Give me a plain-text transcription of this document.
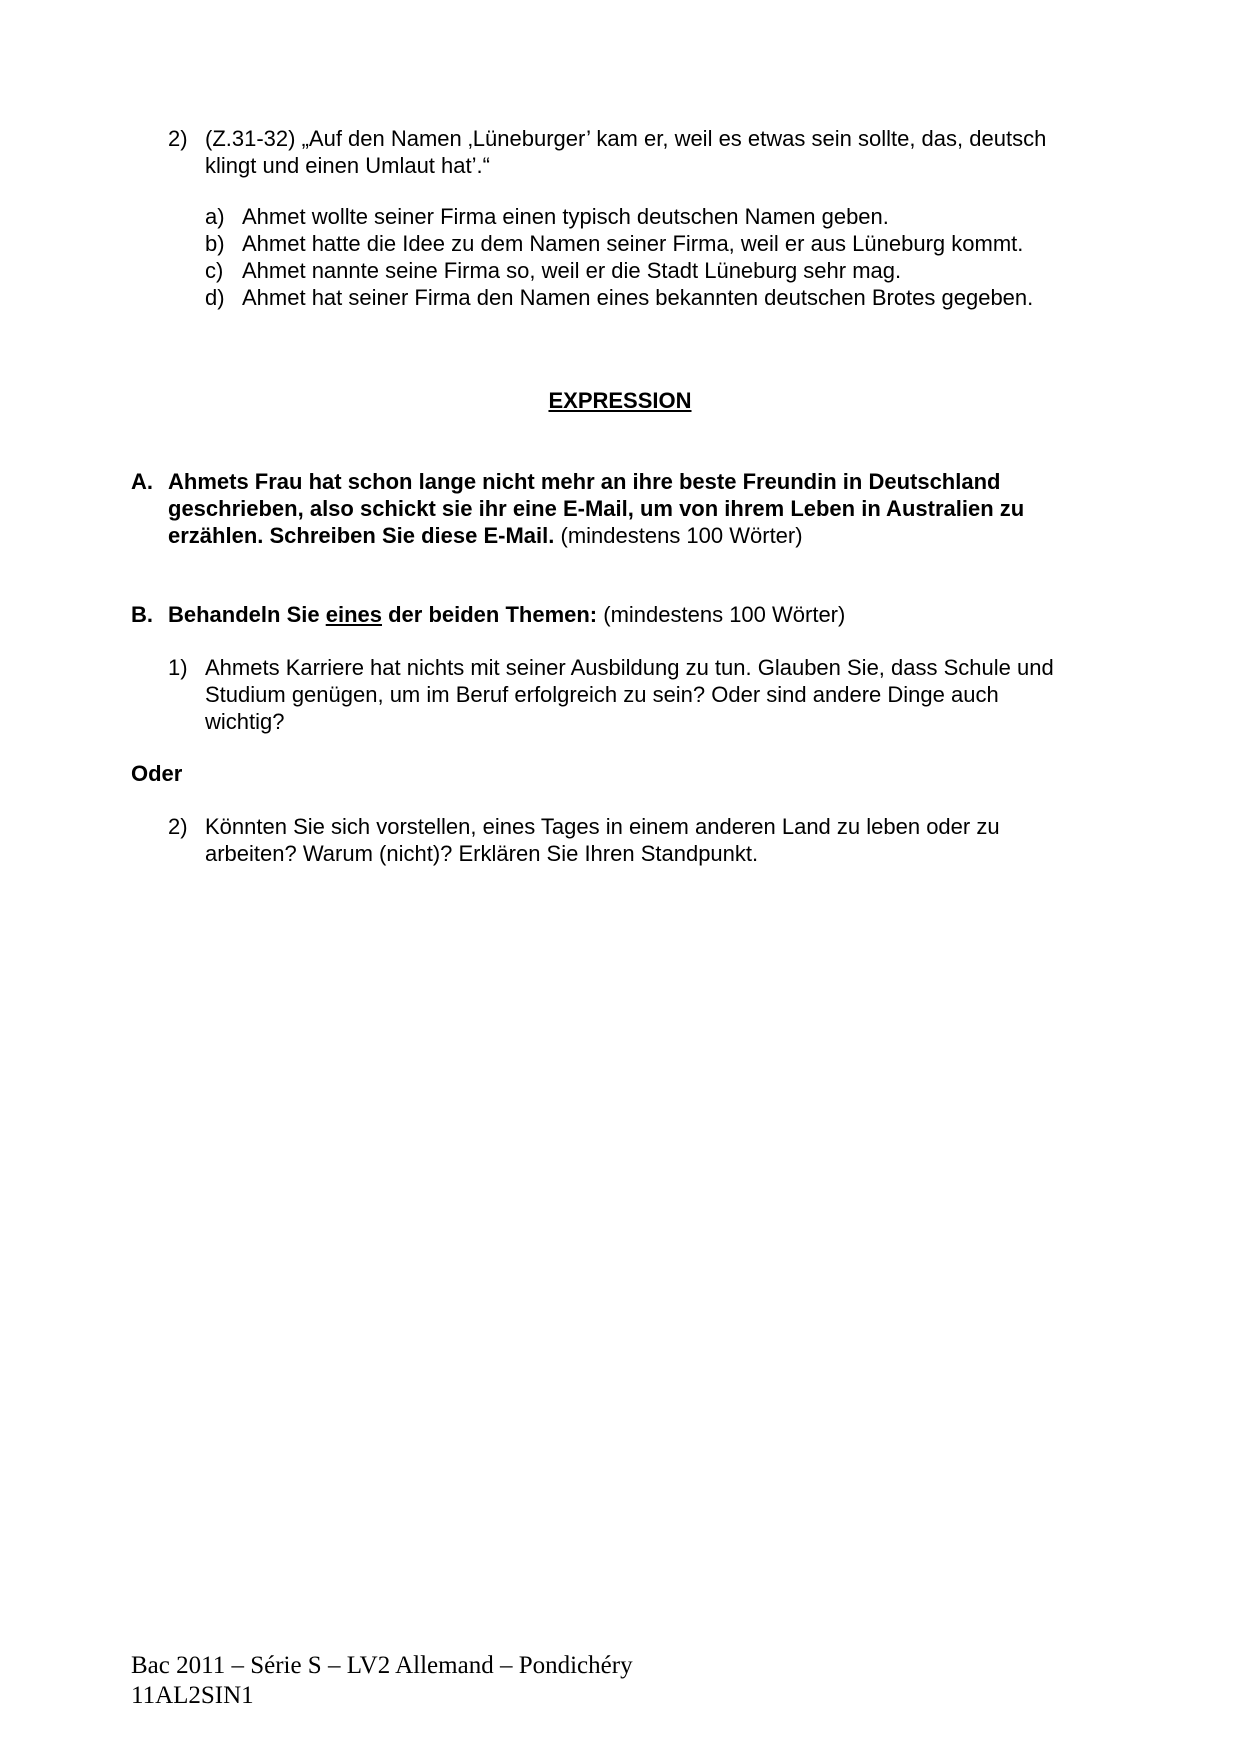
2) (Z.31-32) „Auf den Namen ‚Lüneburger’ kam er, weil es etwas sein sollte, das, deutsch
klingt und einen Umlaut hat’.“
a) Ahmet wollte seiner Firma einen typisch deutschen Namen geben.
b) Ahmet hatte die Idee zu dem Namen seiner Firma, weil er aus Lüneburg kommt.
c) Ahmet nannte seine Firma so, weil er die Stadt Lüneburg sehr mag.
d) Ahmet hat seiner Firma den Namen eines bekannten deutschen Brotes gegeben.
EXPRESSION
A. Ahmets Frau hat schon lange nicht mehr an ihre beste Freundin in Deutschland
geschrieben, also schickt sie ihr eine E-Mail, um von ihrem Leben in Australien zu
erzählen. Schreiben Sie diese E-Mail. (mindestens 100 Wörter)
B. Behandeln Sie eines der beiden Themen: (mindestens 100 Wörter)
1) Ahmets Karriere hat nichts mit seiner Ausbildung zu tun. Glauben Sie, dass Schule und
Studium genügen, um im Beruf erfolgreich zu sein? Oder sind andere Dinge auch
wichtig?
Oder
2) Könnten Sie sich vorstellen, eines Tages in einem anderen Land zu leben oder zu
arbeiten? Warum (nicht)? Erklären Sie Ihren Standpunkt.
Bac 2011 – Série S – LV2 Allemand – Pondichéry
11AL2SIN1
